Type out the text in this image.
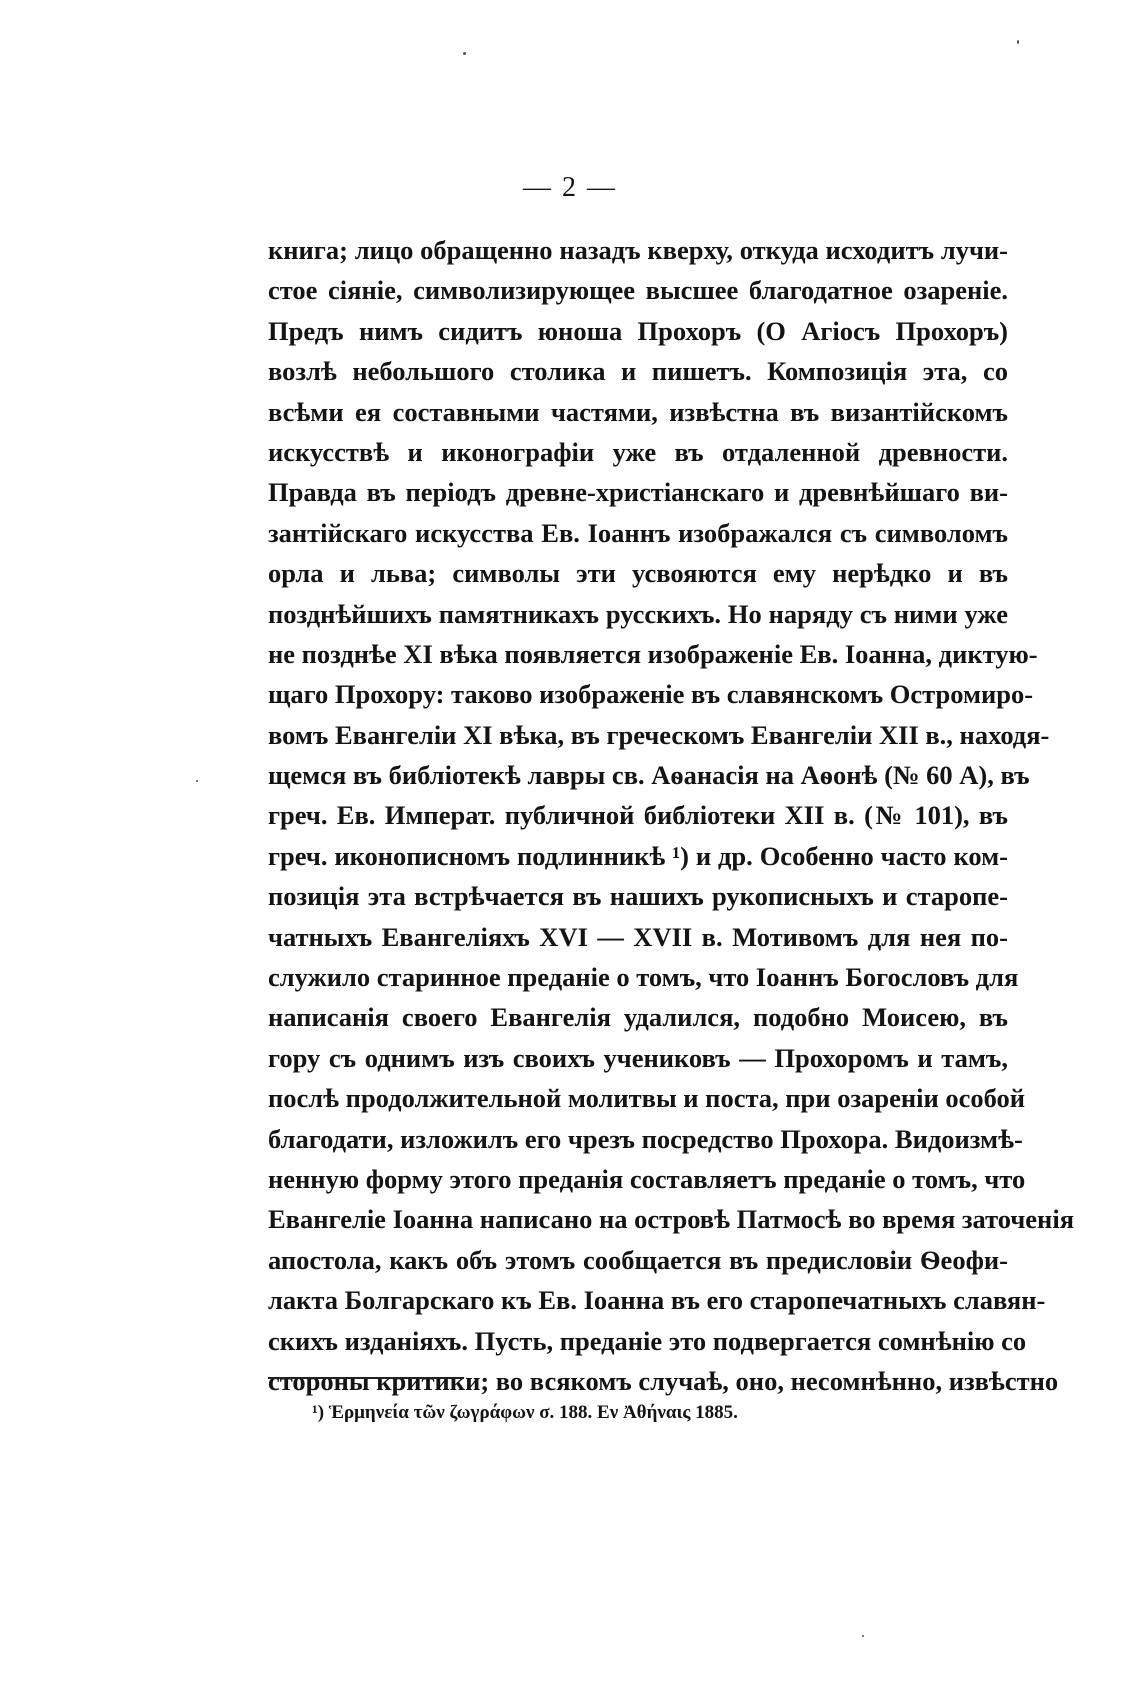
— 2 —
книга; лицо обращенно назадъ кверху, откуда исходитъ лучи-
стое сіяніе, символизирующее высшее благодатное озареніе.
Предъ нимъ сидитъ юноша Прохоръ (О Агіосъ Прохоръ)
возлѣ небольшого столика и пишетъ. Композиція эта, со
всѣми ея составными частями, извѣстна въ византійскомъ
искусствѣ и иконографіи уже въ отдаленной древности.
Правда въ періодъ древне-христіанскаго и древнѣйшаго ви-
зантійскаго искусства Ев. Іоаннъ изображался съ символомъ
орла и льва; символы эти усвояются ему нерѣдко и въ
позднѣйшихъ памятникахъ русскихъ. Но наряду съ ними уже
не позднѣе XI вѣка появляется изображеніе Ев. Іоанна, диктую-
щаго Прохору: таково изображеніе въ славянскомъ Остромиро-
вомъ Евангеліи XI вѣка, въ греческомъ Евангеліи XII в., находя-
щемся въ библіотекѣ лавры св. Аѳанасія на Аѳонѣ (№ 60 А), въ
греч. Ев. Императ. публичной библіотеки XII в. (№ 101), въ
греч. иконописномъ подлинникѣ ¹) и др. Особенно часто ком-
позиція эта встрѣчается въ нашихъ рукописныхъ и старопе-
чатныхъ Евангеліяхъ XVI — XVII в. Мотивомъ для нея по-
служило старинное преданіе о томъ, что Іоаннъ Богословъ для
написанія своего Евангелія удалился, подобно Моисею, въ
гору съ однимъ изъ своихъ учениковъ — Прохоромъ и тамъ,
послѣ продолжительной молитвы и поста, при озареніи особой
благодати, изложилъ его чрезъ посредство Прохора. Видоизмѣ-
ненную форму этого преданія составляетъ преданіе о томъ, что
Евангеліе Іоанна написано на островѣ Патмосѣ во время заточенія
апостола, какъ объ этомъ сообщается въ предисловіи Ѳеофи-
лакта Болгарскаго къ Ев. Іоанна въ его старопечатныхъ славян-
скихъ изданіяхъ. Пусть, преданіе это подвергается сомнѣнію со
стороны критики; во всякомъ случаѣ, оно, несомнѣнно, извѣстно
¹) Ἑρμηνεία τῶν ζωγράφων σ. 188. Εν Ἀθήναις 1885.
